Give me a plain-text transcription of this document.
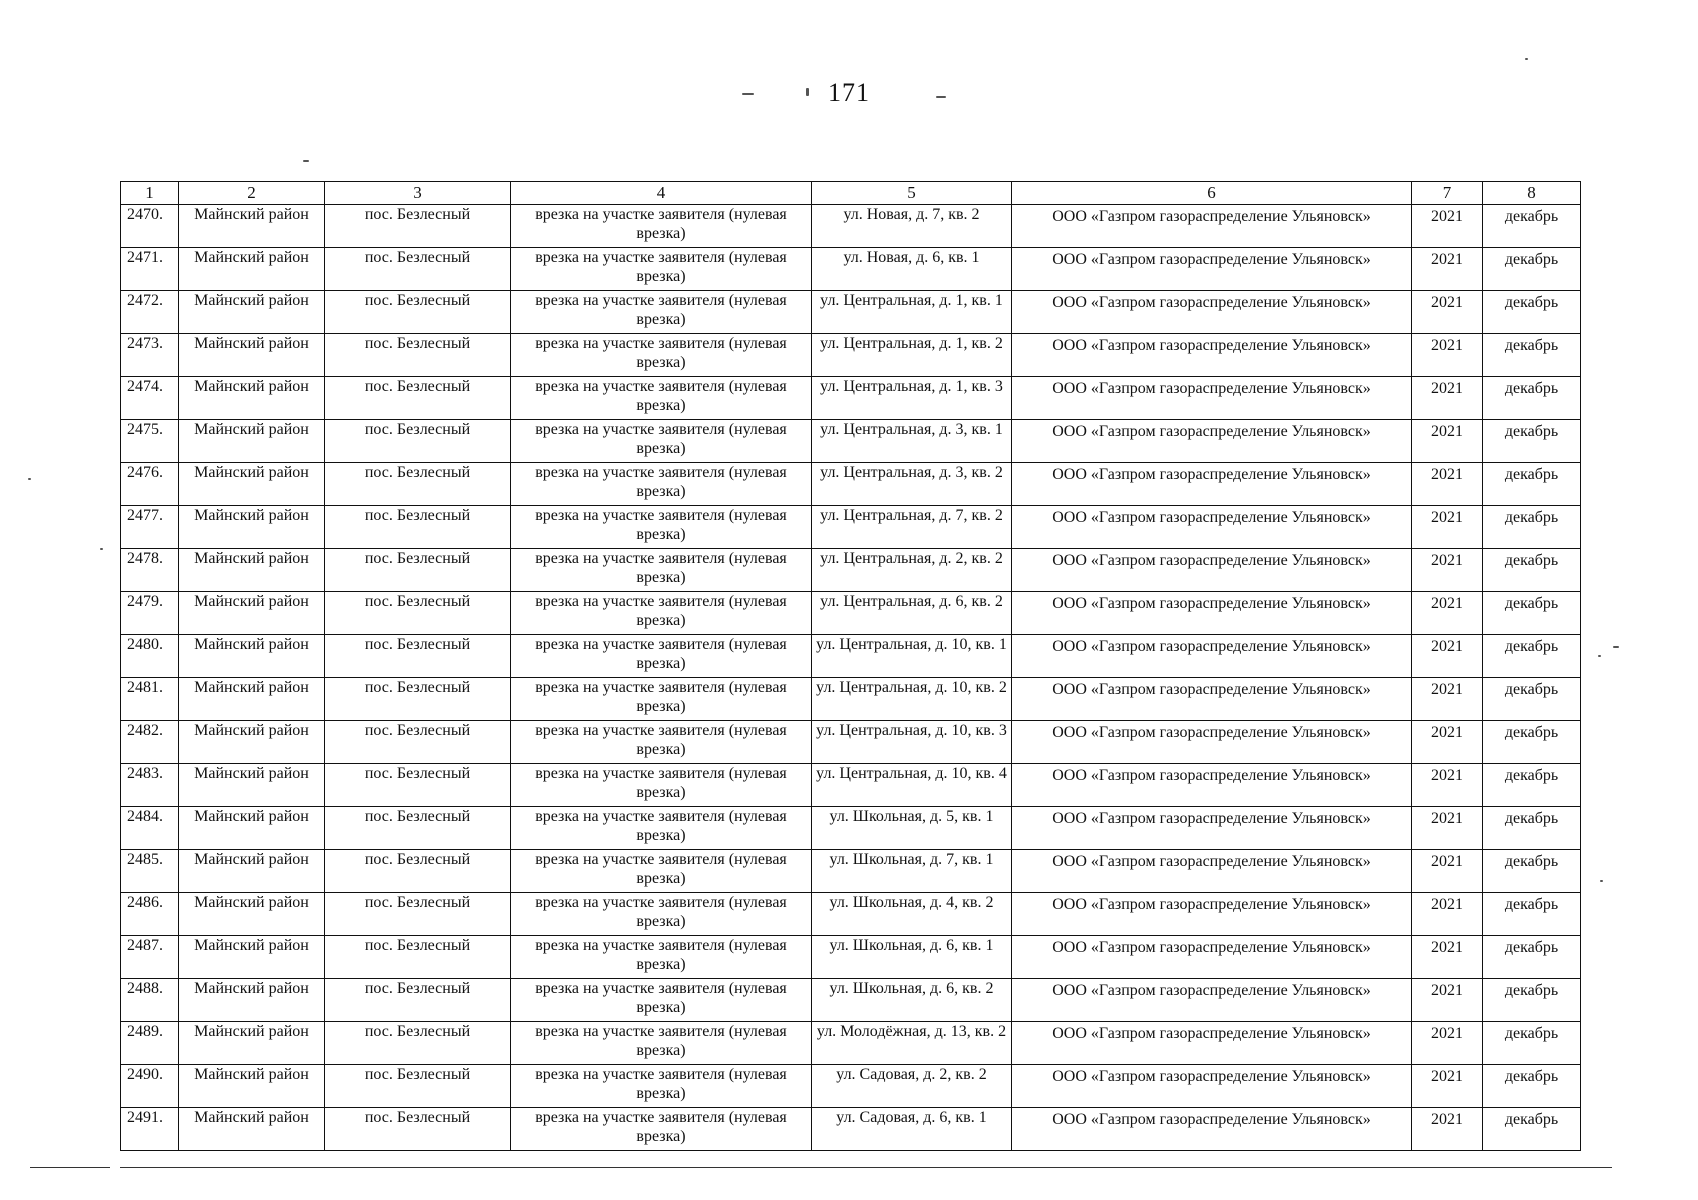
171
1	2	3	4	5	6	7	8
2470.	Майнский район	пос. Безлесный	врезка на участке заявителя (нулевая врезка)	ул. Новая, д. 7, кв. 2	ООО «Газпром газораспределение Ульяновск»	2021	декабрь
2471.	Майнский район	пос. Безлесный	врезка на участке заявителя (нулевая врезка)	ул. Новая, д. 6, кв. 1	ООО «Газпром газораспределение Ульяновск»	2021	декабрь
2472.	Майнский район	пос. Безлесный	врезка на участке заявителя (нулевая врезка)	ул. Центральная, д. 1, кв. 1	ООО «Газпром газораспределение Ульяновск»	2021	декабрь
2473.	Майнский район	пос. Безлесный	врезка на участке заявителя (нулевая врезка)	ул. Центральная, д. 1, кв. 2	ООО «Газпром газораспределение Ульяновск»	2021	декабрь
2474.	Майнский район	пос. Безлесный	врезка на участке заявителя (нулевая врезка)	ул. Центральная, д. 1, кв. 3	ООО «Газпром газораспределение Ульяновск»	2021	декабрь
2475.	Майнский район	пос. Безлесный	врезка на участке заявителя (нулевая врезка)	ул. Центральная, д. 3, кв. 1	ООО «Газпром газораспределение Ульяновск»	2021	декабрь
2476.	Майнский район	пос. Безлесный	врезка на участке заявителя (нулевая врезка)	ул. Центральная, д. 3, кв. 2	ООО «Газпром газораспределение Ульяновск»	2021	декабрь
2477.	Майнский район	пос. Безлесный	врезка на участке заявителя (нулевая врезка)	ул. Центральная, д. 7, кв. 2	ООО «Газпром газораспределение Ульяновск»	2021	декабрь
2478.	Майнский район	пос. Безлесный	врезка на участке заявителя (нулевая врезка)	ул. Центральная, д. 2, кв. 2	ООО «Газпром газораспределение Ульяновск»	2021	декабрь
2479.	Майнский район	пос. Безлесный	врезка на участке заявителя (нулевая врезка)	ул. Центральная, д. 6, кв. 2	ООО «Газпром газораспределение Ульяновск»	2021	декабрь
2480.	Майнский район	пос. Безлесный	врезка на участке заявителя (нулевая врезка)	ул. Центральная, д. 10, кв. 1	ООО «Газпром газораспределение Ульяновск»	2021	декабрь
2481.	Майнский район	пос. Безлесный	врезка на участке заявителя (нулевая врезка)	ул. Центральная, д. 10, кв. 2	ООО «Газпром газораспределение Ульяновск»	2021	декабрь
2482.	Майнский район	пос. Безлесный	врезка на участке заявителя (нулевая врезка)	ул. Центральная, д. 10, кв. 3	ООО «Газпром газораспределение Ульяновск»	2021	декабрь
2483.	Майнский район	пос. Безлесный	врезка на участке заявителя (нулевая врезка)	ул. Центральная, д. 10, кв. 4	ООО «Газпром газораспределение Ульяновск»	2021	декабрь
2484.	Майнский район	пос. Безлесный	врезка на участке заявителя (нулевая врезка)	ул. Школьная, д. 5, кв. 1	ООО «Газпром газораспределение Ульяновск»	2021	декабрь
2485.	Майнский район	пос. Безлесный	врезка на участке заявителя (нулевая врезка)	ул. Школьная, д. 7, кв. 1	ООО «Газпром газораспределение Ульяновск»	2021	декабрь
2486.	Майнский район	пос. Безлесный	врезка на участке заявителя (нулевая врезка)	ул. Школьная, д. 4, кв. 2	ООО «Газпром газораспределение Ульяновск»	2021	декабрь
2487.	Майнский район	пос. Безлесный	врезка на участке заявителя (нулевая врезка)	ул. Школьная, д. 6, кв. 1	ООО «Газпром газораспределение Ульяновск»	2021	декабрь
2488.	Майнский район	пос. Безлесный	врезка на участке заявителя (нулевая врезка)	ул. Школьная, д. 6, кв. 2	ООО «Газпром газораспределение Ульяновск»	2021	декабрь
2489.	Майнский район	пос. Безлесный	врезка на участке заявителя (нулевая врезка)	ул. Молодёжная, д. 13, кв. 2	ООО «Газпром газораспределение Ульяновск»	2021	декабрь
2490.	Майнский район	пос. Безлесный	врезка на участке заявителя (нулевая врезка)	ул. Садовая, д. 2, кв. 2	ООО «Газпром газораспределение Ульяновск»	2021	декабрь
2491.	Майнский район	пос. Безлесный	врезка на участке заявителя (нулевая врезка)	ул. Садовая, д. 6, кв. 1	ООО «Газпром газораспределение Ульяновск»	2021	декабрь
